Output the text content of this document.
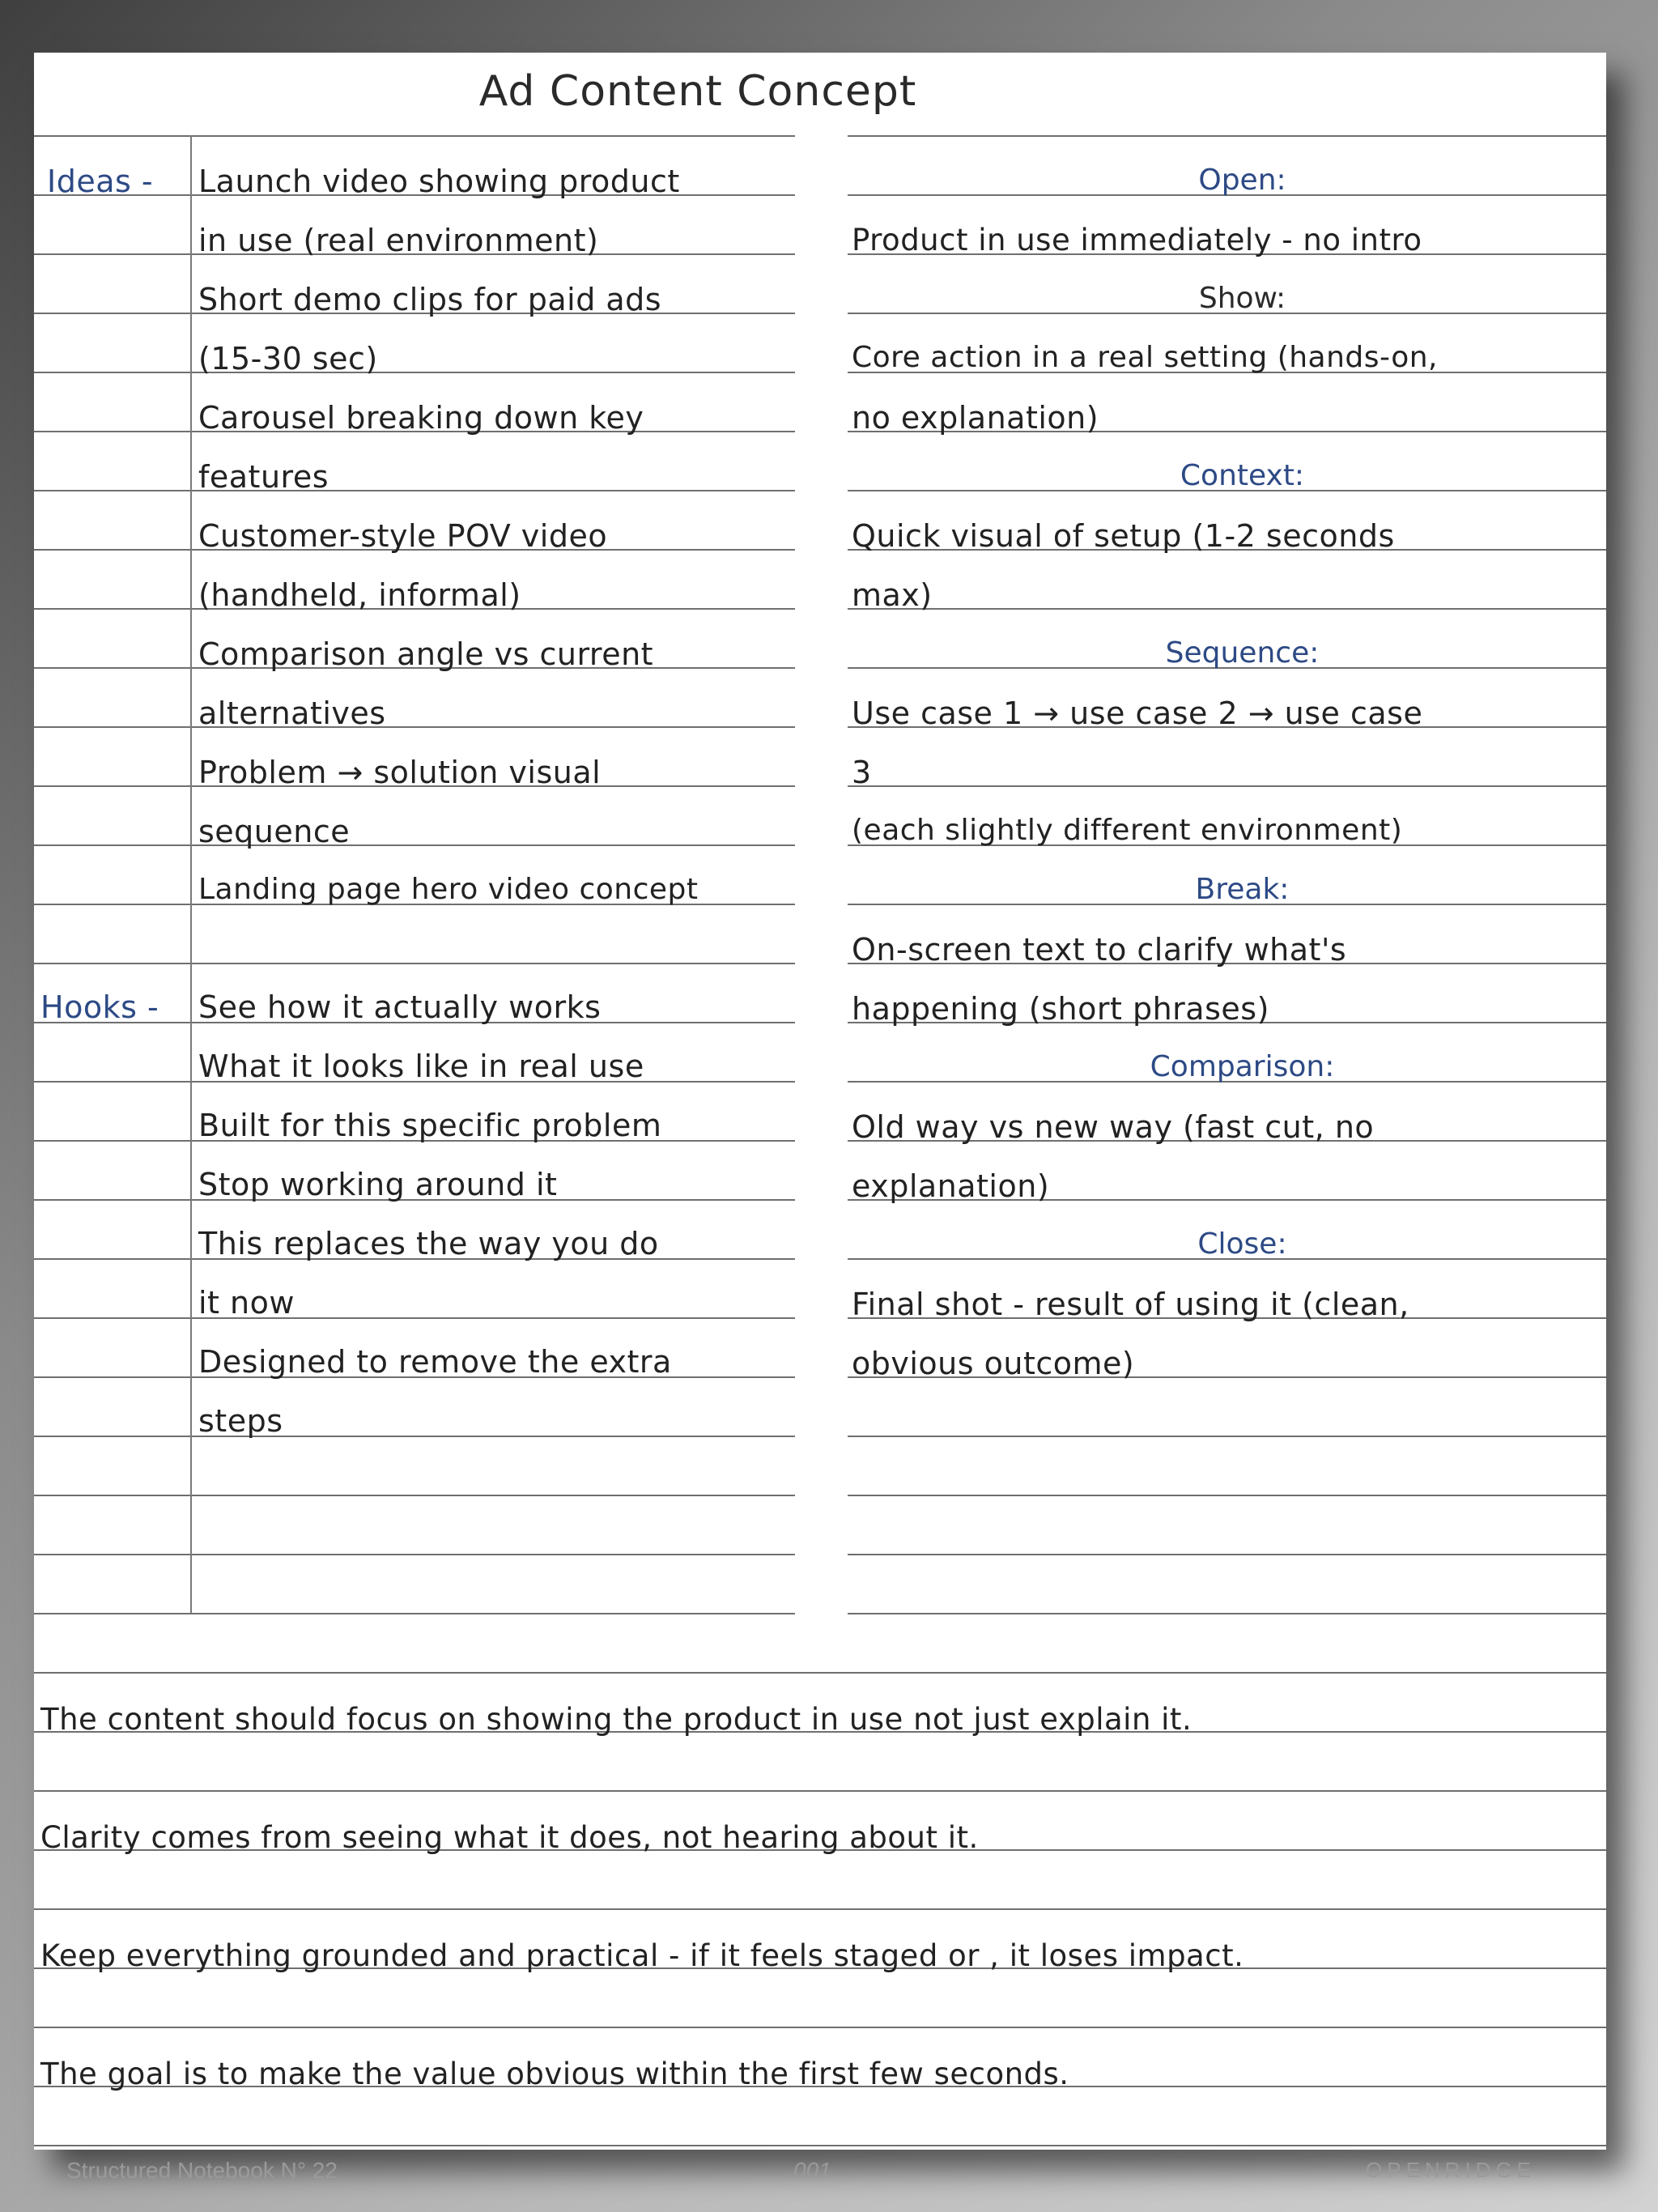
Ad Content Concept
Ideas -
Hooks -
Launch video showing product
in use (real environment)
Short demo clips for paid ads
(15-30 sec)
Carousel breaking down key
features
Customer-style POV video
(handheld, informal)
Comparison angle vs current
alternatives
Problem → solution visual
sequence
Landing page hero video concept
See how it actually works
What it looks like in real use
Built for this specific problem
Stop working around it
This replaces the way you do
it now
Designed to remove the extra
steps
Open:
Product in use immediately - no intro
Show:
Core action in a real setting (hands-on,
no explanation)
Context:
Quick visual of setup (1-2 seconds
max)
Sequence:
Use case 1 → use case 2 → use case
3
(each slightly different environment)
Break:
On-screen text to clarify what's
happening (short phrases)
Comparison:
Old way vs new way (fast cut, no
explanation)
Close:
Final shot - result of using it (clean,
obvious outcome)
The content should focus on showing the product in use not just explain it.
Clarity comes from seeing what it does, not hearing about it.
Keep everything grounded and practical - if it feels staged or , it loses impact.
The goal is to make the value obvious within the first few seconds.
Structured Notebook N° 22	001	OPENRIDGE
